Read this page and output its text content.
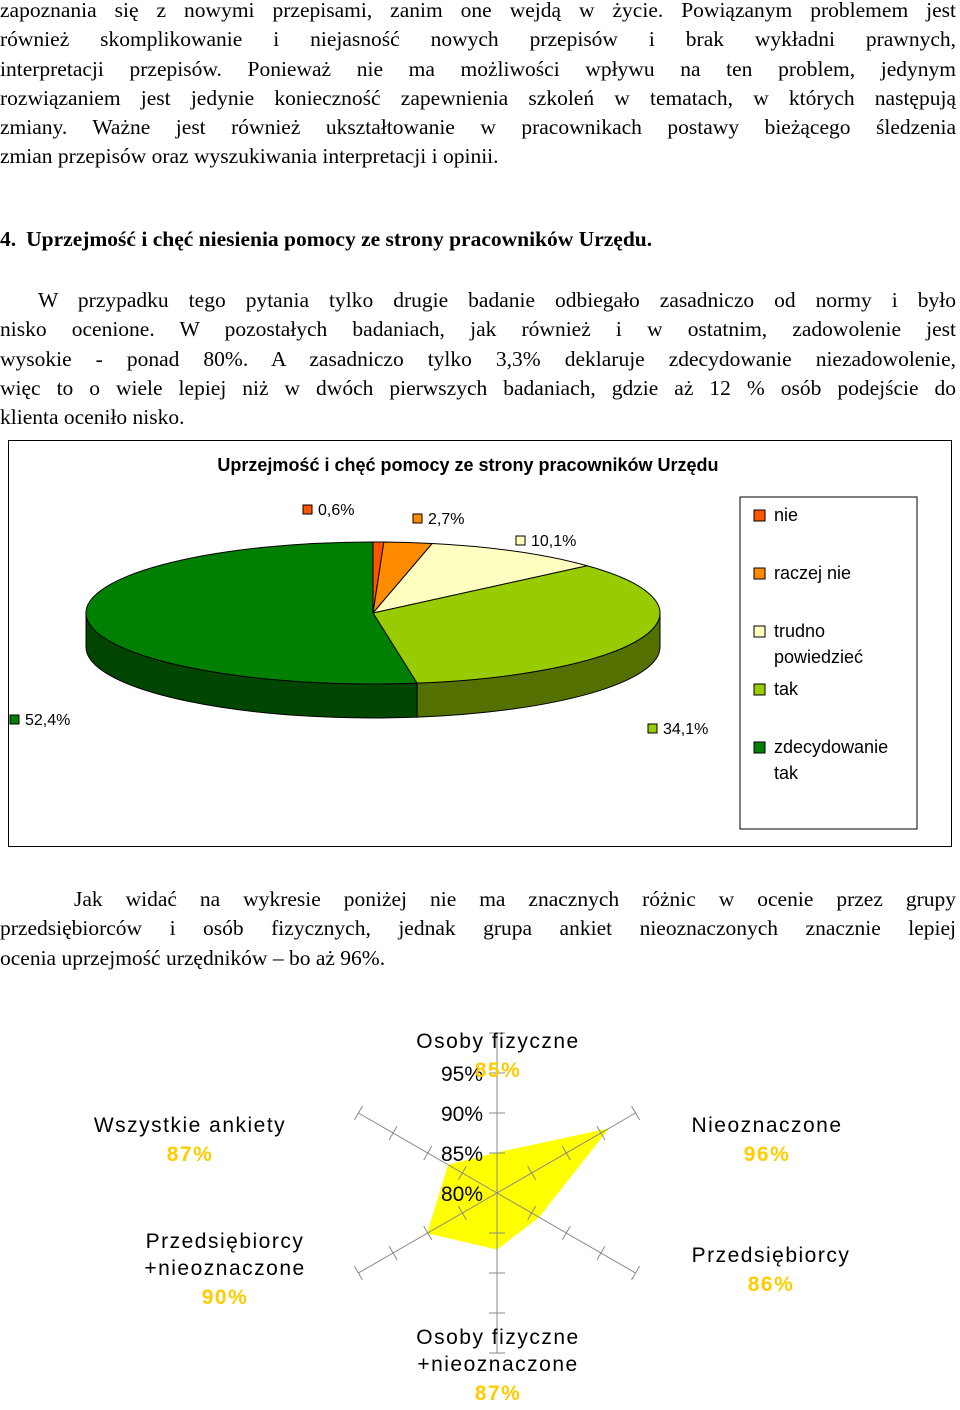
zapoznania się z nowymi przepisami, zanim one wejdą w życie. Powiązanym problemem jest
również skomplikowanie i niejasność nowych przepisów i brak wykładni prawnych,
interpretacji przepisów. Ponieważ nie ma możliwości wpływu na ten problem, jedynym
rozwiązaniem jest jedynie konieczność zapewnienia szkoleń w tematach, w których następują
zmiany. Ważne jest również ukształtowanie w pracownikach postawy bieżącego śledzenia
zmian przepisów oraz wyszukiwania interpretacji i opinii.
4. Uprzejmość i chęć niesienia pomocy ze strony pracowników Urzędu.
W przypadku tego pytania tylko drugie badanie odbiegało zasadniczo od normy i było
nisko ocenione. W pozostałych badaniach, jak również i w ostatnim, zadowolenie jest
wysokie - ponad 80%. A zasadniczo tylko 3,3% deklaruje zdecydowanie niezadowolenie,
więc to o wiele lepiej niż w dwóch pierwszych badaniach, gdzie aż 12 % osób podejście do
klienta oceniło nisko.
Uprzejmość i chęć pomocy ze strony pracowników Urzędu
nie
raczej nie
trudno
powiedzieć
tak
zdecydowanie
tak
0,6%
2,7%
10,1%
34,1%
52,4%
Jak widać na wykresie poniżej nie ma znacznych różnic w ocenie przez grupy
przedsiębiorców i osób fizycznych, jednak grupa ankiet nieoznaczonych znacznie lepiej
ocenia uprzejmość urzędników – bo aż 96%.
80%
85%
90%
95%
Osoby fizyczne
85%
Nieoznaczone
96%
Przedsiębiorcy
86%
Osoby fizyczne
+nieoznaczone
87%
Przedsiębiorcy
+nieoznaczone
90%
Wszystkie ankiety
87%
